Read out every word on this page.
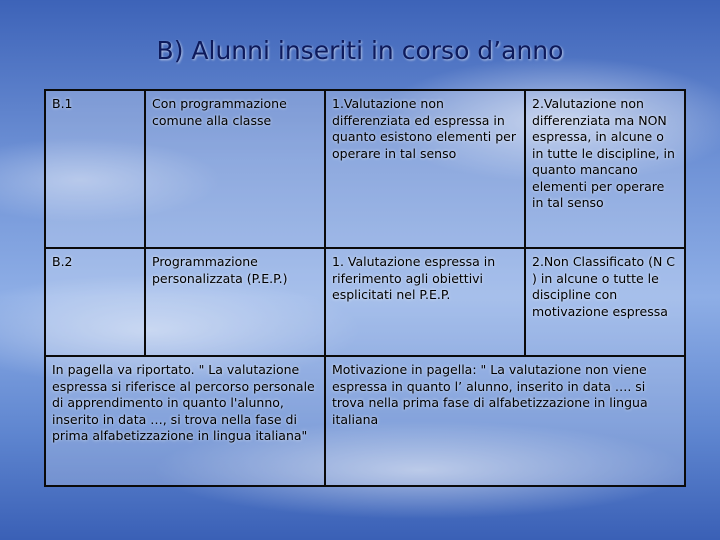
B) Alunni inseriti in corso d’anno
B.1	Con programmazione comune alla classe	1.Valutazione non differenziata ed espressa in quanto esistono elementi per operare in tal senso	2.Valutazione non differenziata ma NON espressa, in alcune o in tutte le discipline, in quanto mancano elementi per operare in tal senso

B.2	Programmazione personalizzata (P.E.P.)	1. Valutazione espressa in riferimento agli obiettivi esplicitati nel P.E.P.	2.Non Classificato (N C ) in alcune o tutte le discipline con motivazione espressa

In pagella va riportato. " La valutazione espressa si riferisce al percorso personale di apprendimento in quanto l'alunno, inserito in data …, si trova nella fase di prima alfabetizzazione in lingua italiana"		Motivazione in pagella: " La valutazione non viene espressa in quanto l’ alunno, inserito in data …. si trova nella prima fase di alfabetizzazione in lingua italiana	
